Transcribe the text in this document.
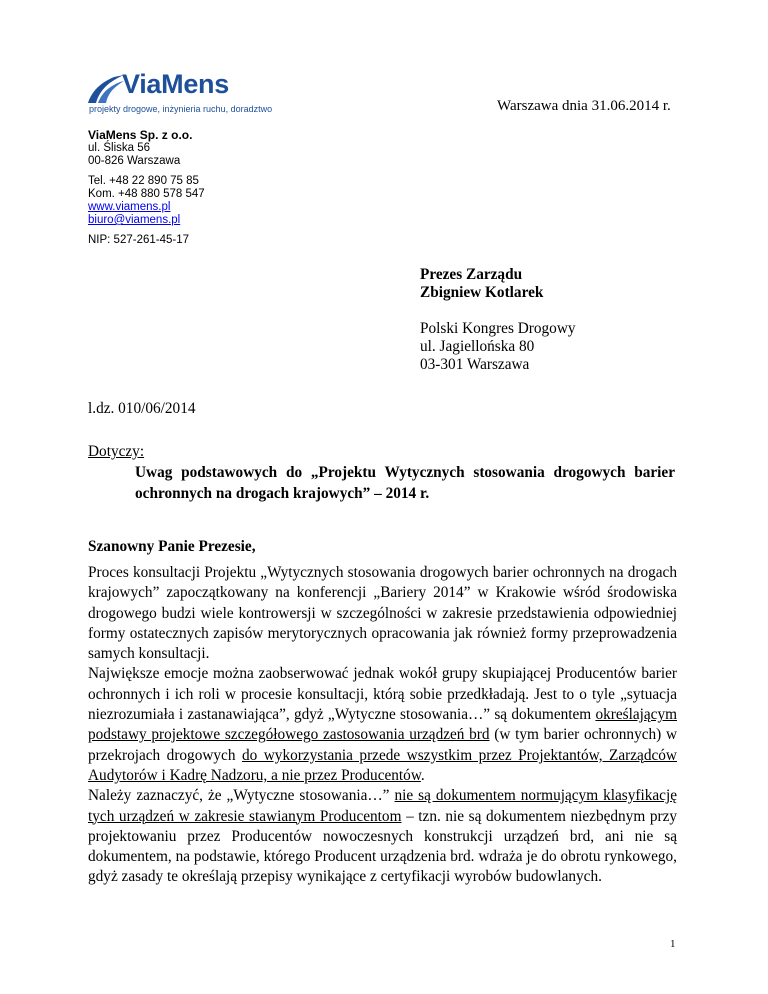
ViaMens
projekty drogowe, inżynieria ruchu, doradztwo	Warszawa dnia 31.06.2014 r.
ViaMens Sp. z o.o.
ul. Śliska 56
00-826 Warszawa
Tel. +48 22 890 75 85
Kom. +48 880 578 547
www.viamens.pl
biuro@viamens.pl
NIP: 527-261-45-17
Prezes Zarządu
Zbigniew Kotlarek
Polski Kongres Drogowy
ul. Jagiellońska 80
03-301 Warszawa
l.dz. 010/06/2014
Dotyczy:
Uwag podstawowych do „Projektu Wytycznych stosowania drogowych barier ochronnych na drogach krajowych” – 2014 r.
Szanowny Panie Prezesie,

Proces konsultacji Projektu „Wytycznych stosowania drogowych barier ochronnych na drogach krajowych” zapoczątkowany na konferencji „Bariery 2014” w Krakowie wśród środowiska drogowego budzi wiele kontrowersji w szczególności w zakresie przedstawienia odpowiedniej formy ostatecznych zapisów merytorycznych opracowania jak również formy przeprowadzenia samych konsultacji.

Największe emocje można zaobserwować jednak wokół grupy skupiającej Producentów barier ochronnych i ich roli w procesie konsultacji, którą sobie przedkładają. Jest to o tyle „sytuacja niezrozumiała i zastanawiająca”, gdyż „Wytyczne stosowania…” są dokumentem określającym podstawy projektowe szczegółowego zastosowania urządzeń brd (w tym barier ochronnych) w przekrojach drogowych do wykorzystania przede wszystkim przez Projektantów, Zarządców Audytorów i Kadrę Nadzoru, a nie przez Producentów.

Należy zaznaczyć, że „Wytyczne stosowania…” nie są dokumentem normującym klasyfikację tych urządzeń w zakresie stawianym Producentom – tzn. nie są dokumentem niezbędnym przy projektowaniu przez Producentów nowoczesnych konstrukcji urządzeń brd, ani nie są dokumentem, na podstawie, którego Producent urządzenia brd. wdraża je do obrotu rynkowego, gdyż zasady te określają przepisy wynikające z certyfikacji wyrobów budowlanych.

1
